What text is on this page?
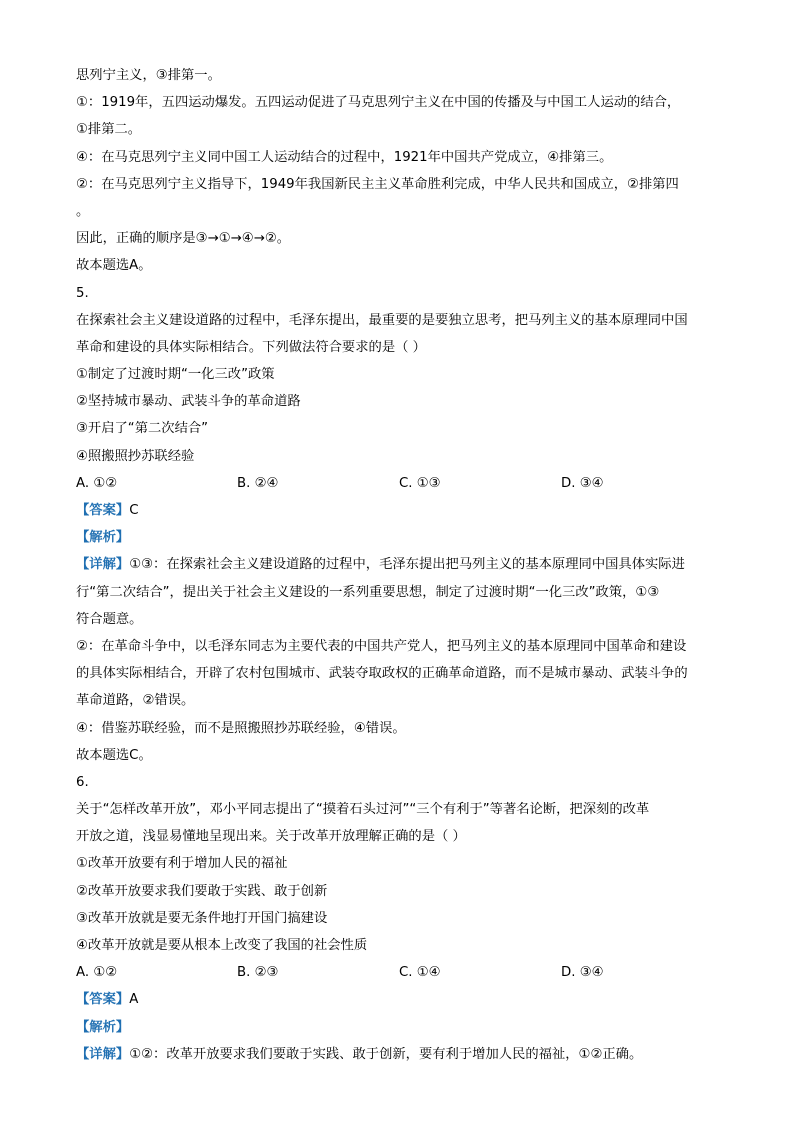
思列宁主义，③排第一。
①：1919年，五四运动爆发。五四运动促进了马克思列宁主义在中国的传播及与中国工人运动的结合，
①排第二。
④：在马克思列宁主义同中国工人运动结合的过程中，1921年中国共产党成立，④排第三。
②：在马克思列宁主义指导下，1949年我国新民主主义革命胜利完成，中华人民共和国成立，②排第四
。
因此，正确的顺序是③→①→④→②。
故本题选A。
5.
在探索社会主义建设道路的过程中，毛泽东提出，最重要的是要独立思考，把马列主义的基本原理同中国
革命和建设的具体实际相结合。下列做法符合要求的是（ ）
①制定了过渡时期“一化三改”政策
②坚持城市暴动、武装斗争的革命道路
③开启了“第二次结合”
④照搬照抄苏联经验
A. ①②	B. ②④	C. ①③	D. ③④
【答案】C
【解析】
【详解】①③：在探索社会主义建设道路的过程中，毛泽东提出把马列主义的基本原理同中国具体实际进
行“第二次结合”，提出关于社会主义建设的一系列重要思想，制定了过渡时期“一化三改”政策，①③
符合题意。
②：在革命斗争中，以毛泽东同志为主要代表的中国共产党人，把马列主义的基本原理同中国革命和建设
的具体实际相结合，开辟了农村包围城市、武装夺取政权的正确革命道路，而不是城市暴动、武装斗争的
革命道路，②错误。
④：借鉴苏联经验，而不是照搬照抄苏联经验，④错误。
故本题选C。
6.
关于“怎样改革开放”，邓小平同志提出了“摸着石头过河”“三个有利于”等著名论断，把深刻的改革
开放之道，浅显易懂地呈现出来。关于改革开放理解正确的是（ ）
①改革开放要有利于增加人民的福祉
②改革开放要求我们要敢于实践、敢于创新
③改革开放就是要无条件地打开国门搞建设
④改革开放就是要从根本上改变了我国的社会性质
A. ①②	B. ②③	C. ①④	D. ③④
【答案】A
【解析】
【详解】①②：改革开放要求我们要敢于实践、敢于创新，要有利于增加人民的福祉，①②正确。
